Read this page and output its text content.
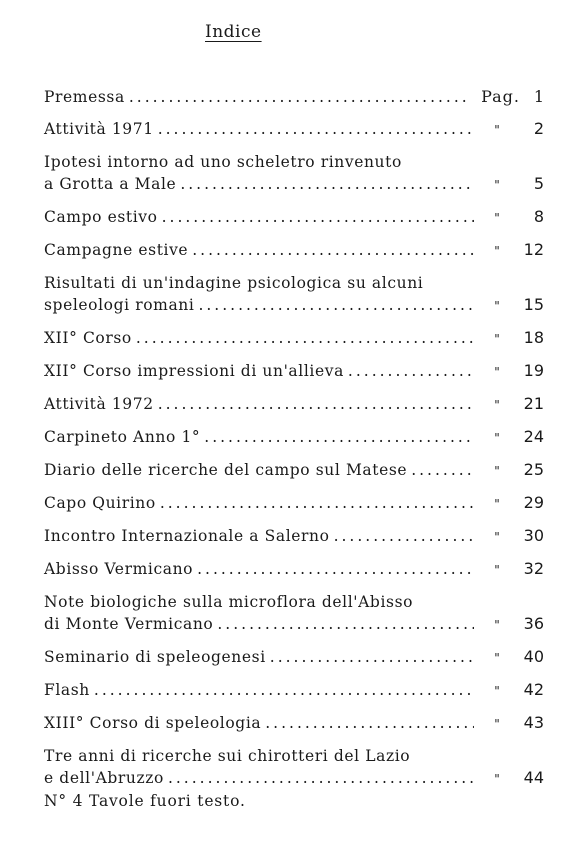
Indice
Premessa .....	Pag. 1
Attività 1971 .....	"	2
Ipotesi intorno ad uno scheletro rinvenuto
a Grotta a Male .....	"	5
Campo estivo .....	"	8
Campagne estive .....	"	12
Risultati di un'indagine psicologica su alcuni
speleologi romani .....	"	15
XII° Corso .....	"	18
XII° Corso impressioni di un'allieva .....	"	19
Attività 1972 .....	"	21
Carpineto Anno 1° .....	"	24
Diario delle ricerche del campo sul Matese .....	"	25
Capo Quirino .....	"	29
Incontro Internazionale a Salerno .....	"	30
Abisso Vermicano .....	"	32
Note biologiche sulla microflora dell'Abisso
di Monte Vermicano .....	"	36
Seminario di speleogenesi .....	"	40
Flash .....	"	42
XIII° Corso di speleologia .....	"	43
Tre anni di ricerche sui chirotteri del Lazio
e dell'Abruzzo .....	"	44
N° 4 Tavole fuori testo.
